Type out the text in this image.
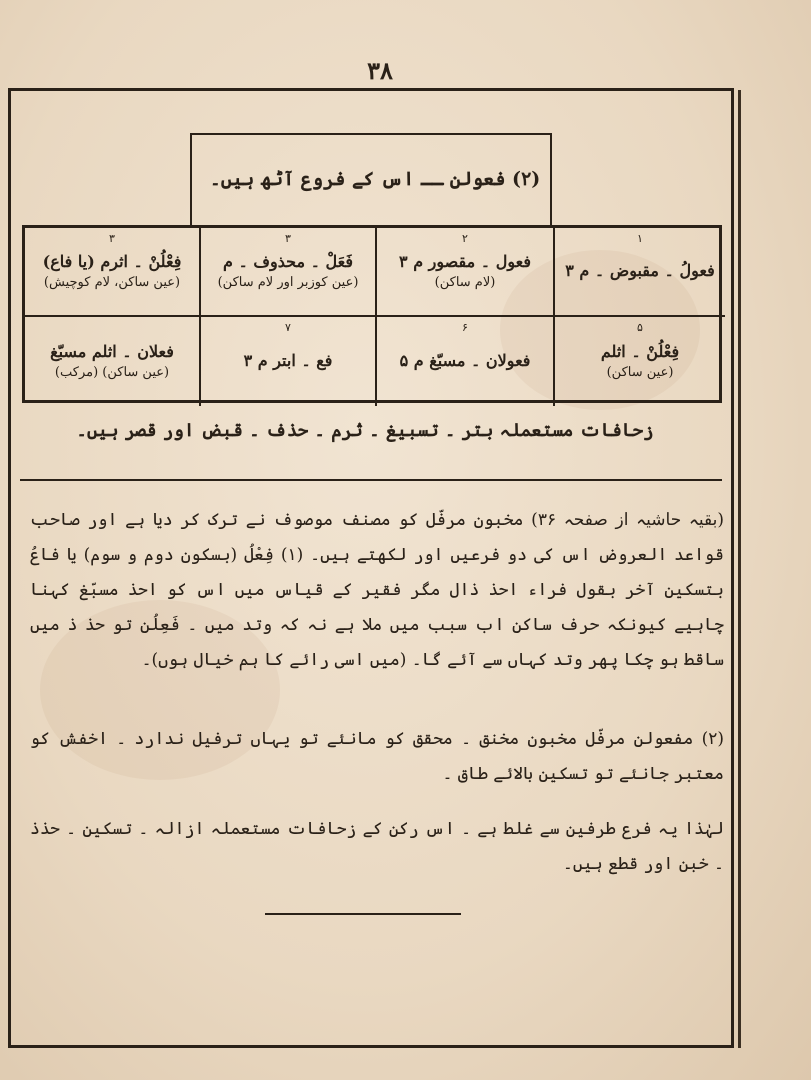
۳۸
(۲) فعولن ــ اس کے فروع آٹھ ہیں۔
۳
فِعْلُنْ ۔ اثرم (یا فاع)
(عین ساکن، لام کوچیش)
۳
فَعَلْ ۔ محذوف ۔ م
(عین کوزبر اور لام ساکن)
۲
فعول ۔ مقصور م ۳
(لام ساکن)
۱
فعولُ ۔ مقبوض ۔ م ۳
فعلان ۔ اثلم مسبّغ
(عین ساکن) (مرکب)
۷
فع ۔ ابتر م ۳
۶
فعولان ۔ مسبّغ م ۵
۵
فِعْلُنْ ۔ اثلم
(عین ساکن)
زحافات مستعملہ بتر ۔ تسبیغ ۔ ثرم ۔ حذف ۔ قبض اور قصر ہیں۔
(بقیہ حاشیہ از صفحہ ۳۶) مخبون مرفّل کو مصنف موصوف نے ترک کر دیا ہے اور صاحب قواعد العروض اس کی دو فرعیں اور لکھتے ہیں۔ (۱) فِعْلُ (بسکون دوم و سوم) یا فاعُ بتسکین آخر بقول فراء احذ ذال مگر فقیر کے قیاس میں اس کو احذ مسبّغ کہنا چاہیے کیونکہ حرف ساکن اب سبب میں ملا ہے نہ کہ وتد میں ۔ فَعِلُن تو حذ ذ میں ساقط ہو چکا پھر وتد کہاں سے آئے گا۔ (میں اسی رائے کا ہم خیال ہوں)۔
(۲) مفعولن مرفّل مخبون مخنق ۔ محقق کو مانئے تو یہاں ترفیل ندارد ۔ اخفش کو معتبر جانئے تو تسکین بالائے طاق ۔
لہٰذا یہ فرع طرفین سے غلط ہے ۔ اس رکن کے زحافات مستعملہ ازالہ ۔ تسکین ۔ حذذ ۔ خبن اور قطع ہیں۔
